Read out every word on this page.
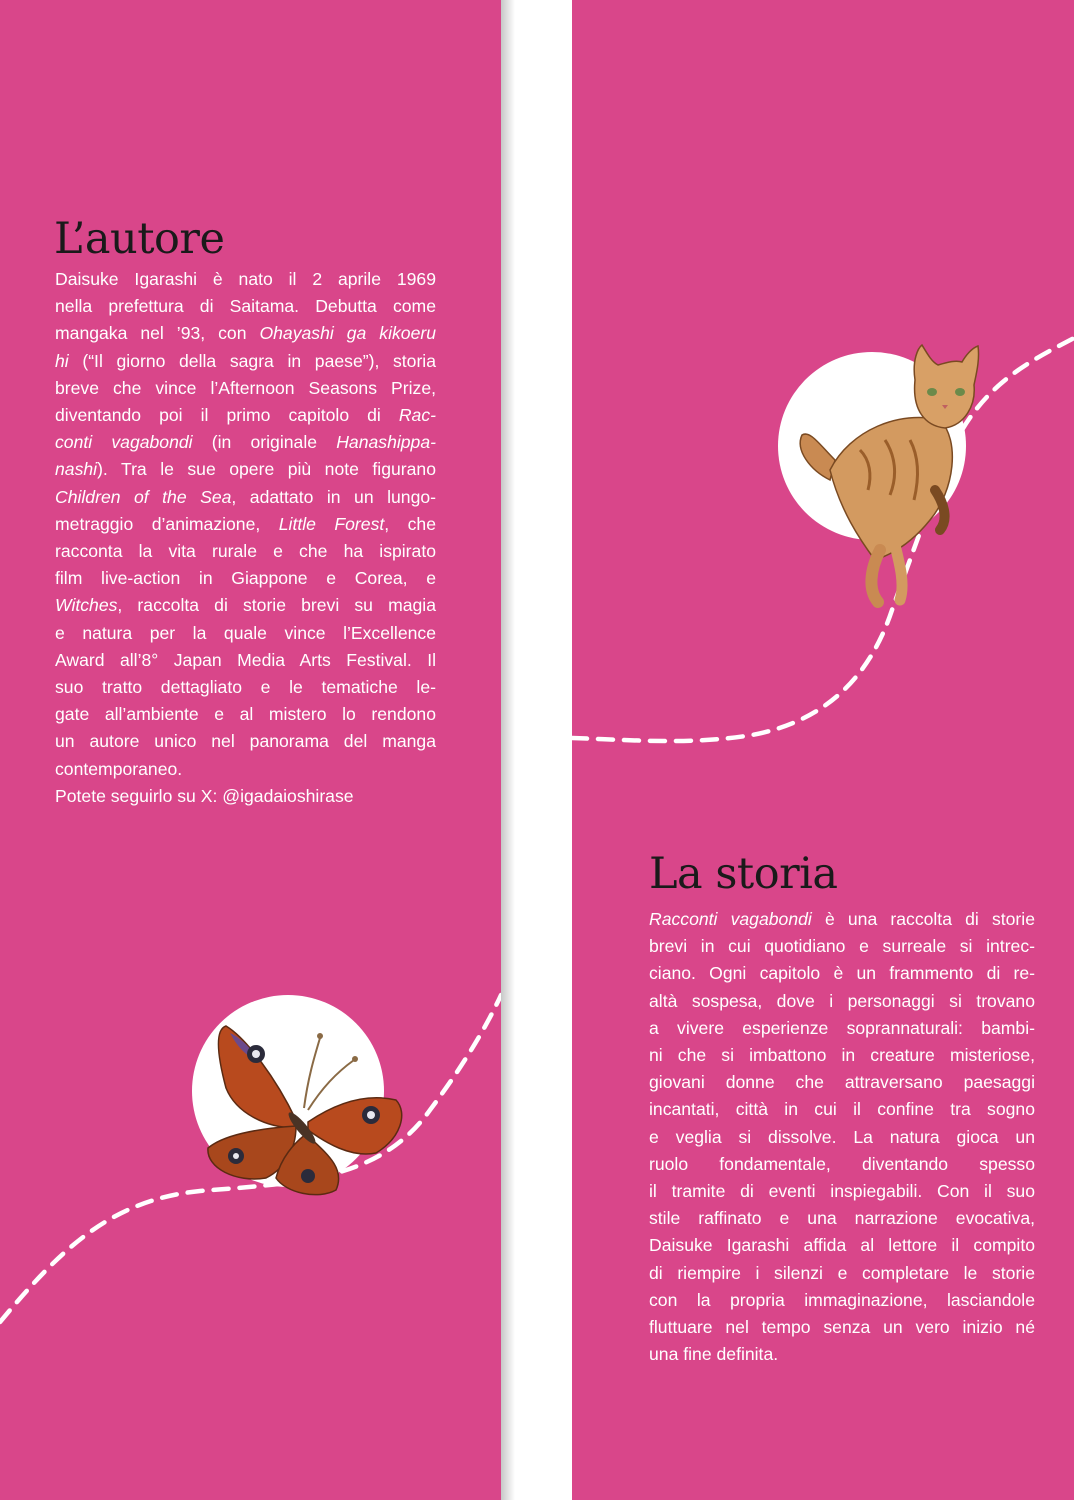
L’autore
Daisuke Igarashi è nato il 2 aprile 1969
nella prefettura di Saitama. Debutta come
mangaka nel ’93, con Ohayashi ga kikoeru
hi (“Il giorno della sagra in paese”), storia
breve che vince l’Afternoon Seasons Prize,
diventando poi il primo capitolo di Rac-
conti vagabondi (in originale Hanashippa-
nashi). Tra le sue opere più note figurano
Children of the Sea, adattato in un lungo-
metraggio d’animazione, Little Forest, che
racconta la vita rurale e che ha ispirato
film live-action in Giappone e Corea, e
Witches, raccolta di storie brevi su magia
e natura per la quale vince l’Excellence
Award all’8° Japan Media Arts Festival. Il
suo tratto dettagliato e le tematiche le-
gate all’ambiente e al mistero lo rendono
un autore unico nel panorama del manga
contemporaneo.
Potete seguirlo su X: @igadaioshirase
La storia
Racconti vagabondi è una raccolta di storie
brevi in cui quotidiano e surreale si intrec-
ciano. Ogni capitolo è un frammento di re-
altà sospesa, dove i personaggi si trovano
a vivere esperienze soprannaturali: bambi-
ni che si imbattono in creature misteriose,
giovani donne che attraversano paesaggi
incantati, città in cui il confine tra sogno
e veglia si dissolve. La natura gioca un
ruolo fondamentale, diventando spesso
il tramite di eventi inspiegabili. Con il suo
stile raffinato e una narrazione evocativa,
Daisuke Igarashi affida al lettore il compito
di riempire i silenzi e completare le storie
con la propria immaginazione, lasciandole
fluttuare nel tempo senza un vero inizio né
una fine definita.
